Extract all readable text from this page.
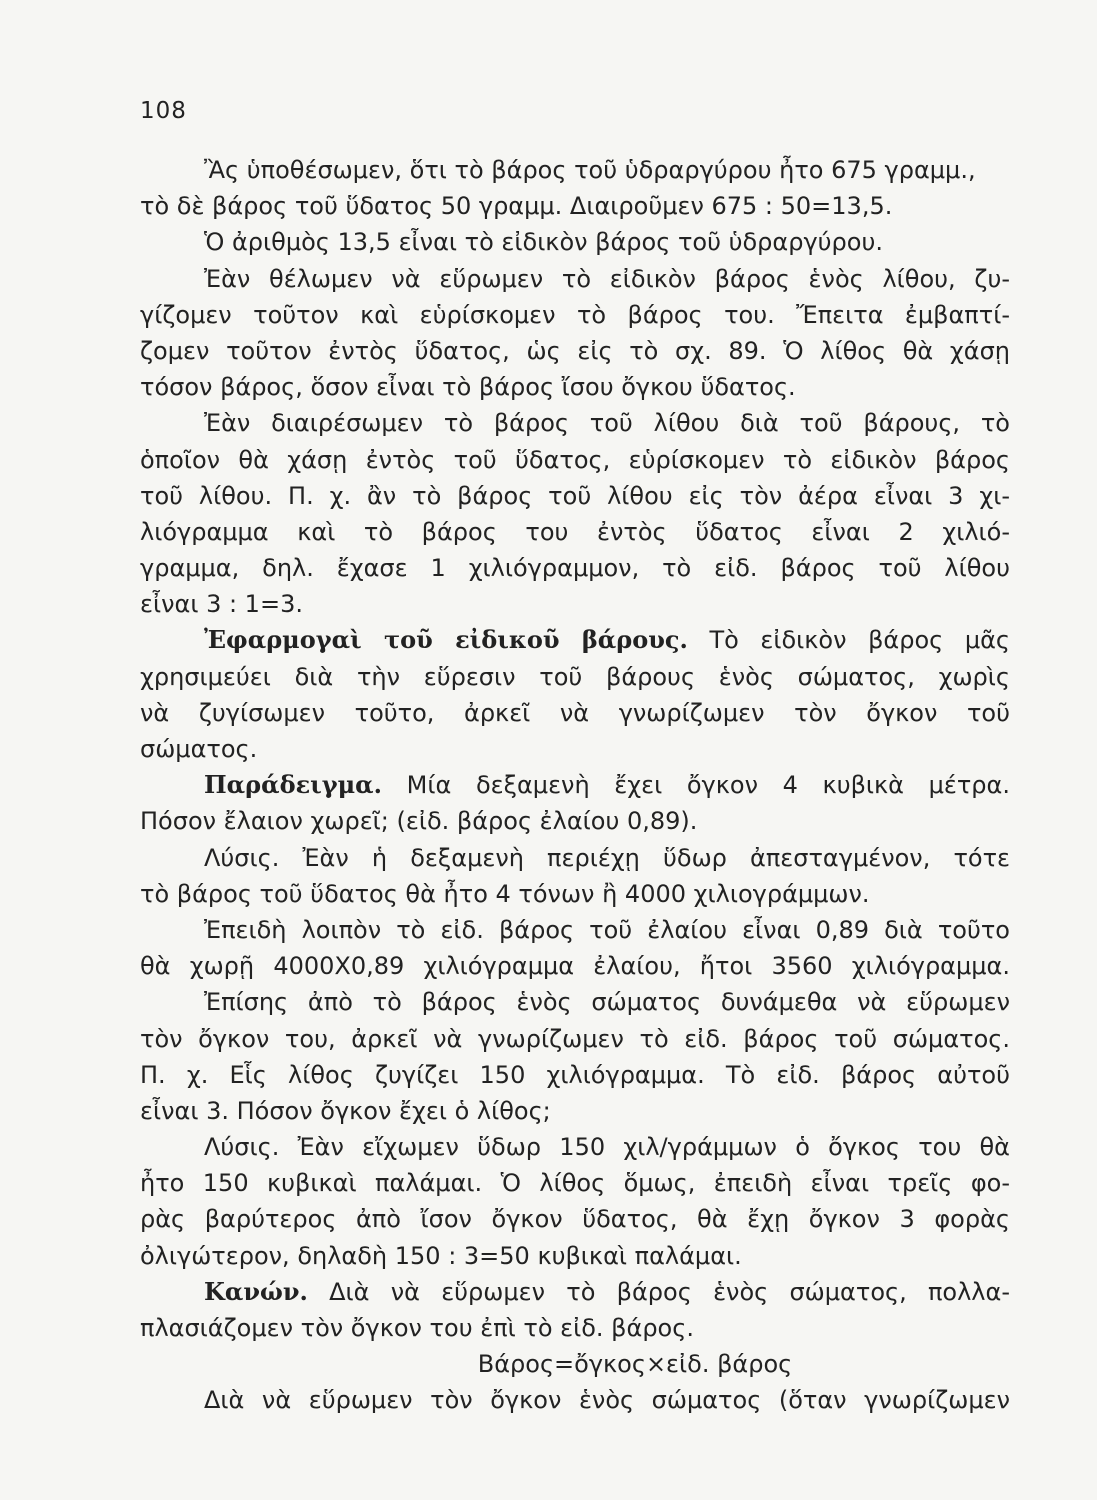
108
Ἂς ὑποθέσωμεν, ὅτι τὸ βάρος τοῦ ὑδραργύρου ἦτο 675 γραμμ.,
τὸ δὲ βάρος τοῦ ὕδατος 50 γραμμ. Διαιροῦμεν 675 : 50=13,5.
Ὁ ἀριθμὸς 13,5 εἶναι τὸ εἰδικὸν βάρος τοῦ ὑδραργύρου.
Ἐὰν θέλωμεν νὰ εὕρωμεν τὸ εἰδικὸν βάρος ἑνὸς λίθου, ζυ-
γίζομεν τοῦτον καὶ εὑρίσκομεν τὸ βάρος του. Ἔπειτα ἐμβαπτί-
ζομεν τοῦτον ἐντὸς ὕδατος, ὡς εἰς τὸ σχ. 89. Ὁ λίθος θὰ χάσῃ
τόσον βάρος, ὅσον εἶναι τὸ βάρος ἴσου ὄγκου ὕδατος.
Ἐὰν διαιρέσωμεν τὸ βάρος τοῦ λίθου διὰ τοῦ βάρους, τὸ
ὁποῖον θὰ χάσῃ ἐντὸς τοῦ ὕδατος, εὑρίσκομεν τὸ εἰδικὸν βάρος
τοῦ λίθου. Π. χ. ἂν τὸ βάρος τοῦ λίθου εἰς τὸν ἀέρα εἶναι 3 χι-
λιόγραμμα καὶ τὸ βάρος του ἐντὸς ὕδατος εἶναι 2 χιλιό-
γραμμα, δηλ. ἔχασε 1 χιλιόγραμμον, τὸ εἰδ. βάρος τοῦ λίθου
εἶναι 3 : 1=3.
Ἐφαρμογαὶ τοῦ εἰδικοῦ βάρους. Τὸ εἰδικὸν βάρος μᾶς
χρησιμεύει διὰ τὴν εὕρεσιν τοῦ βάρους ἑνὸς σώματος, χωρὶς
νὰ ζυγίσωμεν τοῦτο, ἀρκεῖ νὰ γνωρίζωμεν τὸν ὄγκον τοῦ
σώματος.
Παράδειγμα. Μία δεξαμενὴ ἔχει ὄγκον 4 κυβικὰ μέτρα.
Πόσον ἔλαιον χωρεῖ; (εἰδ. βάρος ἐλαίου 0,89).
Λύσις. Ἐὰν ἡ δεξαμενὴ περιέχῃ ὕδωρ ἀπεσταγμένον, τότε
τὸ βάρος τοῦ ὕδατος θὰ ἦτο 4 τόνων ἢ 4000 χιλιογράμμων.
Ἐπειδὴ λοιπὸν τὸ εἰδ. βάρος τοῦ ἐλαίου εἶναι 0,89 διὰ τοῦτο
θὰ χωρῇ 4000Χ0,89 χιλιόγραμμα ἐλαίου, ἤτοι 3560 χιλιόγραμμα.
Ἐπίσης ἀπὸ τὸ βάρος ἑνὸς σώματος δυνάμεθα νὰ εὕρωμεν
τὸν ὄγκον του, ἀρκεῖ νὰ γνωρίζωμεν τὸ εἰδ. βάρος τοῦ σώματος.
Π. χ. Εἷς λίθος ζυγίζει 150 χιλιόγραμμα. Τὸ εἰδ. βάρος αὐτοῦ
εἶναι 3. Πόσον ὄγκον ἔχει ὁ λίθος;
Λύσις. Ἐὰν εἴχωμεν ὕδωρ 150 χιλ/γράμμων ὁ ὄγκος του θὰ
ἦτο 150 κυβικαὶ παλάμαι. Ὁ λίθος ὅμως, ἐπειδὴ εἶναι τρεῖς φο-
ρὰς βαρύτερος ἀπὸ ἴσον ὄγκον ὕδατος, θὰ ἔχῃ ὄγκον 3 φορὰς
ὀλιγώτερον, δηλαδὴ 150 : 3=50 κυβικαὶ παλάμαι.
Κανών. Διὰ νὰ εὕρωμεν τὸ βάρος ἑνὸς σώματος, πολλα-
πλασιάζομεν τὸν ὄγκον του ἐπὶ τὸ εἰδ. βάρος.
Βάρος=ὄγκος×εἰδ. βάρος
Διὰ νὰ εὕρωμεν τὸν ὄγκον ἑνὸς σώματος (ὅταν γνωρίζωμεν
